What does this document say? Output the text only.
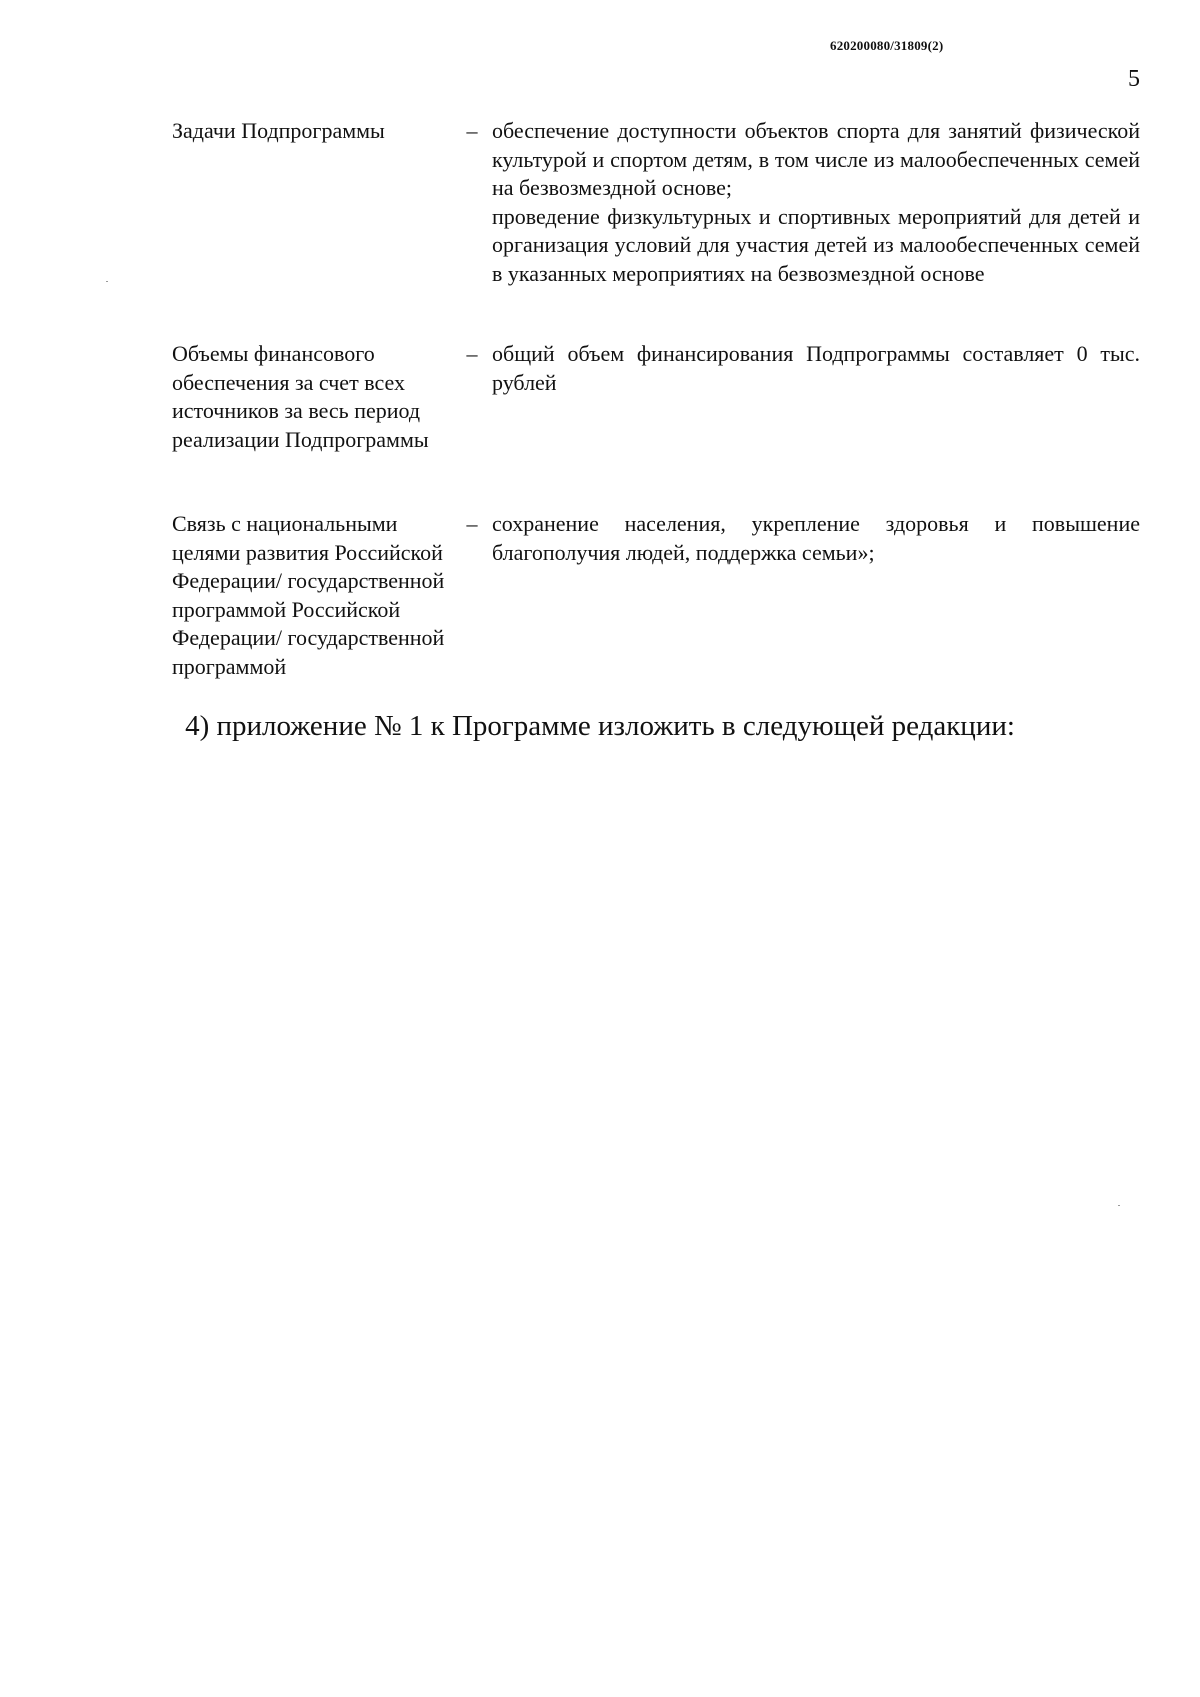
620200080/31809(2)
5
Задачи Подпрограммы	– обеспечение доступности объектов спорта для занятий физической культурой и спортом детям, в том числе из малообеспеченных семей на безвозмездной основе;

проведение физкультурных и спортивных мероприятий для детей и организация условий для участия детей из малообеспеченных семей в указанных мероприятиях на безвозмездной основе

Объемы финансового обеспечения за счет всех источников за весь период реализации Подпрограммы
– общий объем финансирования Подпрограммы составляет 0 тыс. рублей

Связь с национальными целями развития Российской Федерации/ государственной программой Российской Федерации/ государственной программой
– сохранение населения, укрепление здоровья и повышение благополучия людей, поддержка семьи»;

4) приложение № 1 к Программе изложить в следующей редакции:
